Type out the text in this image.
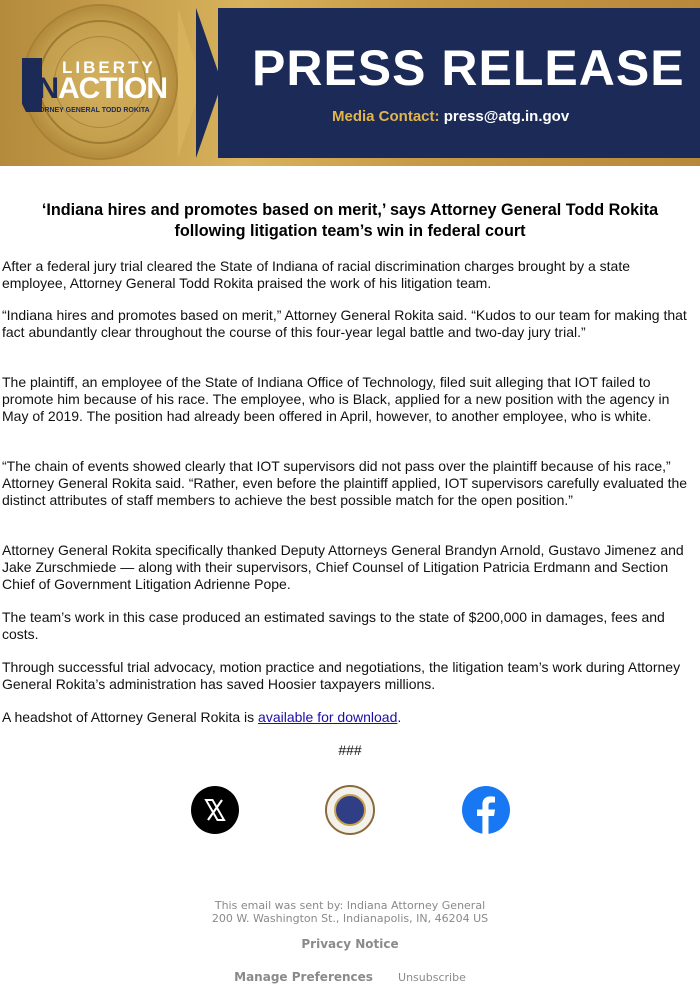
LIBERTY
INACTION
ATTORNEY GENERAL TODD ROKITA
PRESS RELEASE
Media Contact: press@atg.in.gov
‘Indiana hires and promotes based on merit,’ says Attorney General Todd Rokita
following litigation team’s win in federal court

After a federal jury trial cleared the State of Indiana of racial discrimination charges brought by a state employee, Attorney General Todd Rokita praised the work of his litigation team.

“Indiana hires and promotes based on merit,” Attorney General Rokita said. “Kudos to our team for making that fact abundantly clear throughout the course of this four-year legal battle and two-day jury trial.”

The plaintiff, an employee of the State of Indiana Office of Technology, filed suit alleging that IOT failed to promote him because of his race. The employee, who is Black, applied for a new position with the agency in May of 2019. The position had already been offered in April, however, to another employee, who is white.

“The chain of events showed clearly that IOT supervisors did not pass over the plaintiff because of his race,” Attorney General Rokita said. “Rather, even before the plaintiff applied, IOT supervisors carefully evaluated the distinct attributes of staff members to achieve the best possible match for the open position.”

Attorney General Rokita specifically thanked Deputy Attorneys General Brandyn Arnold, Gustavo Jimenez and Jake Zurschmiede — along with their supervisors, Chief Counsel of Litigation Patricia Erdmann and Section Chief of Government Litigation Adrienne Pope.

The team’s work in this case produced an estimated savings to the state of $200,000 in damages, fees and costs.

Through successful trial advocacy, motion practice and negotiations, the litigation team’s work during Attorney General Rokita’s administration has saved Hoosier taxpayers millions.

A headshot of Attorney General Rokita is available for download.

###
This email was sent by: Indiana Attorney General
200 W. Washington St., Indianapolis, IN, 46204 US
Privacy Notice
Manage Preferences Unsubscribe
